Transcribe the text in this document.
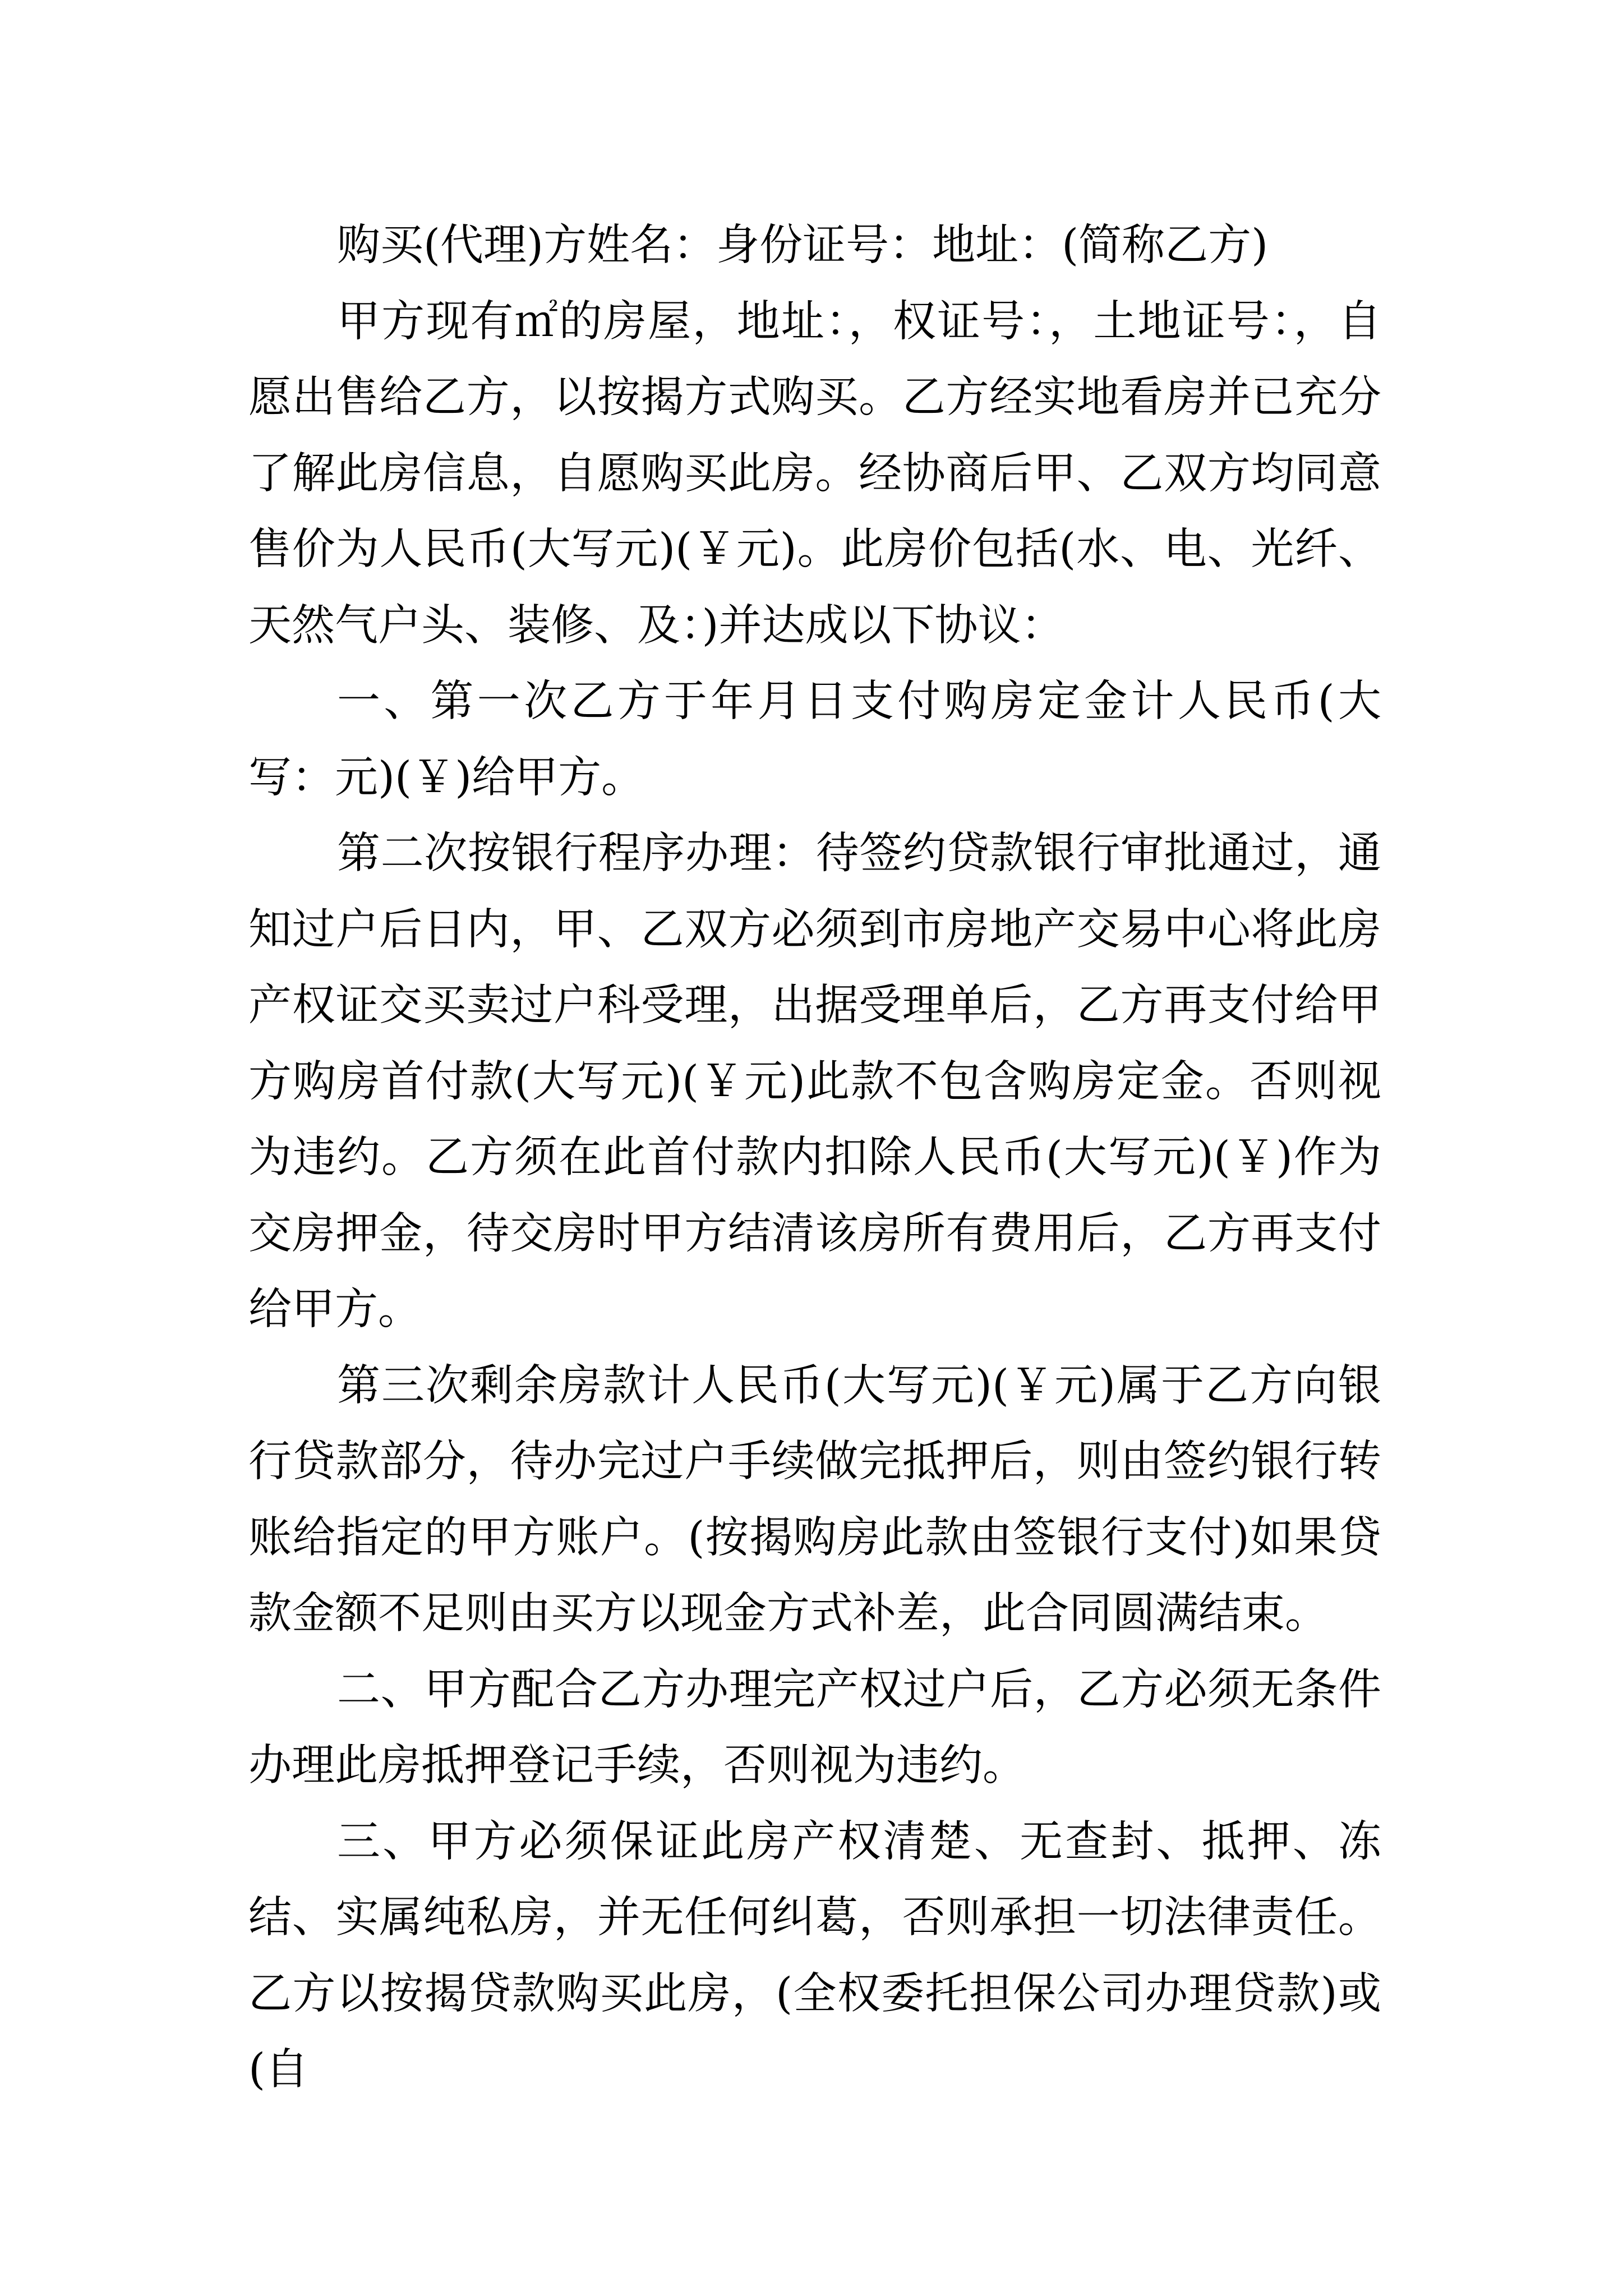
购买(代理)方姓名：身份证号：地址：(简称乙方)

甲方现有㎡的房屋，地址：，权证号：，土地证号：，自愿出售给乙方，以按揭方式购买。乙方经实地看房并已充分了解此房信息，自愿购买此房。经协商后甲、乙双方均同意售价为人民币(大写元)(￥元)。此房价包括(水、电、光纤、天然气户头、装修、及：)并达成以下协议：

一、第一次乙方于年月日支付购房定金计人民币(大写：元)(￥)给甲方。

第二次按银行程序办理：待签约贷款银行审批通过，通知过户后日内，甲、乙双方必须到市房地产交易中心将此房产权证交买卖过户科受理，出据受理单后，乙方再支付给甲方购房首付款(大写元)(￥元)此款不包含购房定金。否则视为违约。乙方须在此首付款内扣除人民币(大写元)(￥)作为交房押金，待交房时甲方结清该房所有费用后，乙方再支付给甲方。

第三次剩余房款计人民币(大写元)(￥元)属于乙方向银行贷款部分，待办完过户手续做完抵押后，则由签约银行转账给指定的甲方账户。(按揭购房此款由签银行支付)如果贷款金额不足则由买方以现金方式补差，此合同圆满结束。

二、甲方配合乙方办理完产权过户后，乙方必须无条件办理此房抵押登记手续，否则视为违约。

三、甲方必须保证此房产权清楚、无查封、抵押、冻结、实属纯私房，并无任何纠葛，否则承担一切法律责任。乙方以按揭贷款购买此房，(全权委托担保公司办理贷款)或(自
